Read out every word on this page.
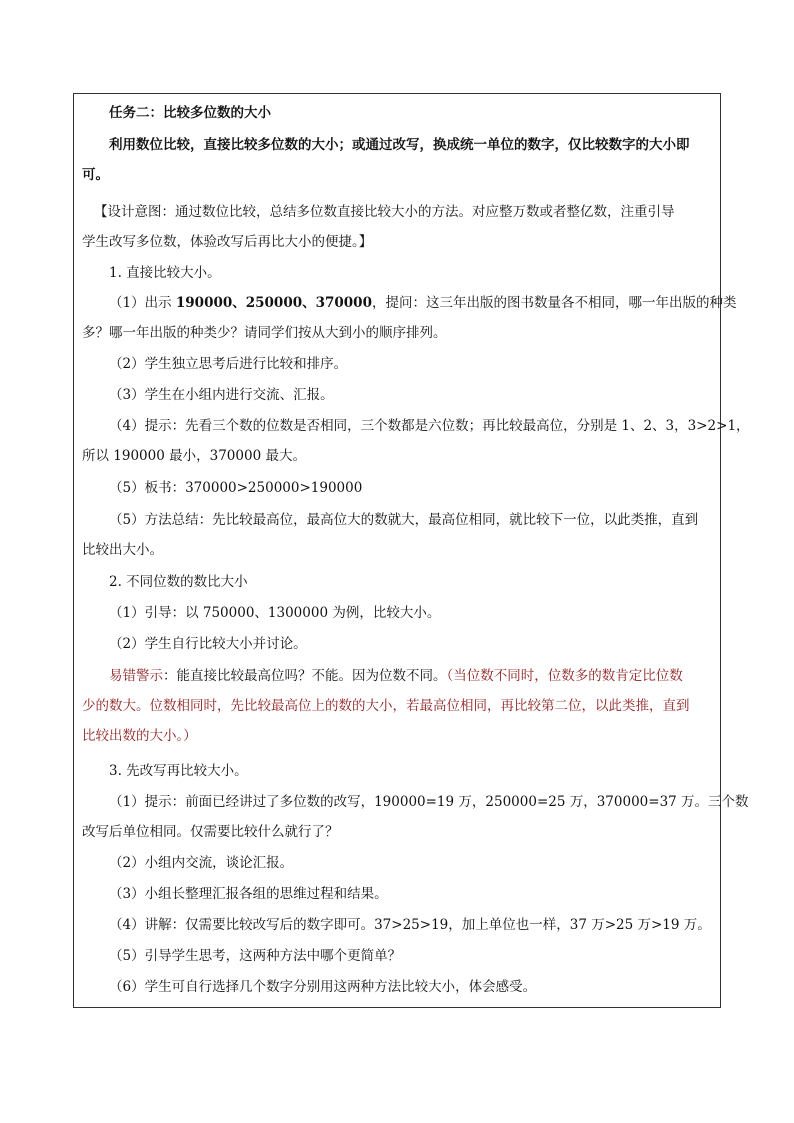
任务二：比较多位数的大小
利用数位比较，直接比较多位数的大小；或通过改写，换成统一单位的数字，仅比较数字的大小即
可。
【设计意图：通过数位比较，总结多位数直接比较大小的方法。对应整万数或者整亿数，注重引导
学生改写多位数，体验改写后再比大小的便捷。】
1. 直接比较大小。
（1）出示 190000、250000、370000，提问：这三年出版的图书数量各不相同，哪一年出版的种类
多？哪一年出版的种类少？请同学们按从大到小的顺序排列。
（2）学生独立思考后进行比较和排序。
（3）学生在小组内进行交流、汇报。
（4）提示：先看三个数的位数是否相同，三个数都是六位数；再比较最高位，分别是 1、2、3，3>2>1，
所以 190000 最小，370000 最大。
（5）板书：370000>250000>190000
（5）方法总结：先比较最高位，最高位大的数就大，最高位相同，就比较下一位，以此类推，直到
比较出大小。
2. 不同位数的数比大小
（1）引导：以 750000、1300000 为例，比较大小。
（2）学生自行比较大小并讨论。
易错警示：能直接比较最高位吗？不能。因为位数不同。（当位数不同时，位数多的数肯定比位数
少的数大。位数相同时，先比较最高位上的数的大小，若最高位相同，再比较第二位，以此类推，直到
比较出数的大小。）
3. 先改写再比较大小。
（1）提示：前面已经讲过了多位数的改写，190000=19 万，250000=25 万，370000=37 万。三个数
改写后单位相同。仅需要比较什么就行了？
（2）小组内交流，谈论汇报。
（3）小组长整理汇报各组的思维过程和结果。
（4）讲解：仅需要比较改写后的数字即可。37>25>19，加上单位也一样，37 万>25 万>19 万。
（5）引导学生思考，这两种方法中哪个更简单？
（6）学生可自行选择几个数字分别用这两种方法比较大小，体会感受。
